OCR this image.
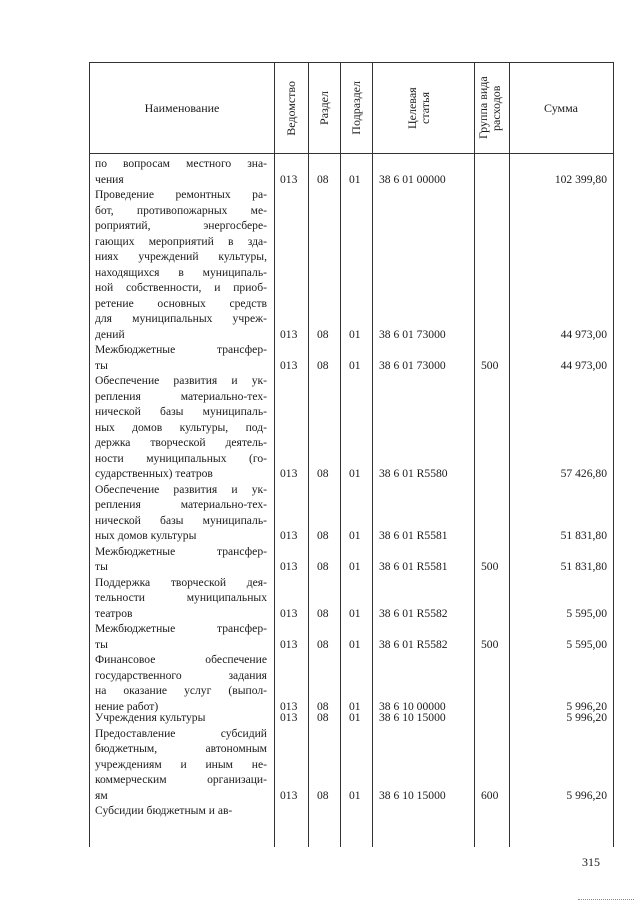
Наименование	Ведомство Раздел Подраздел	Целевая статья	Группа вида расходов	Сумма
по вопросам местного зна-
чения	013 08 01 38 6 01 00000	102 399,80
Проведение ремонтных ра-
бот, противопожарных ме-
роприятий, энергосбере-
гающих мероприятий в зда-
ниях учреждений культуры,
находящихся в муниципаль-
ной собственности, и приоб-
ретение основных средств
для муниципальных учреж-
дений	013 08 01 38 6 01 73000	44 973,00
Межбюджетные трансфер-
ты	013 08 01 38 6 01 73000	500	44 973,00
Обеспечение развития и ук-
репления материально-тех-
нической базы муниципаль-
ных домов культуры, под-
держка творческой деятель-
ности муниципальных (го-
сударственных) театров	013 08 01 38 6 01 R5580	57 426,80
Обеспечение развития и ук-
репления материально-тех-
нической базы муниципаль-
ных домов культуры	013 08 01 38 6 01 R5581	51 831,80
Межбюджетные трансфер-
ты	013 08 01 38 6 01 R5581	500	51 831,80
Поддержка творческой дея-
тельности муниципальных
театров	013 08 01 38 6 01 R5582	5 595,00
Межбюджетные трансфер-
ты	013 08 01 38 6 01 R5582	500	5 595,00
Финансовое обеспечение
государственного задания
на оказание услуг (выпол-
нение работ)	013 08 01 38 6 10 00000	5 996,20
Учреждения культуры	013 08 01 38 6 10 15000	5 996,20
Предоставление субсидий
бюджетным, автономным
учреждениям и иным не-
коммерческим организаци-
ям	013 08 01 38 6 10 15000	600	5 996,20
Субсидии бюджетным и ав-
315
